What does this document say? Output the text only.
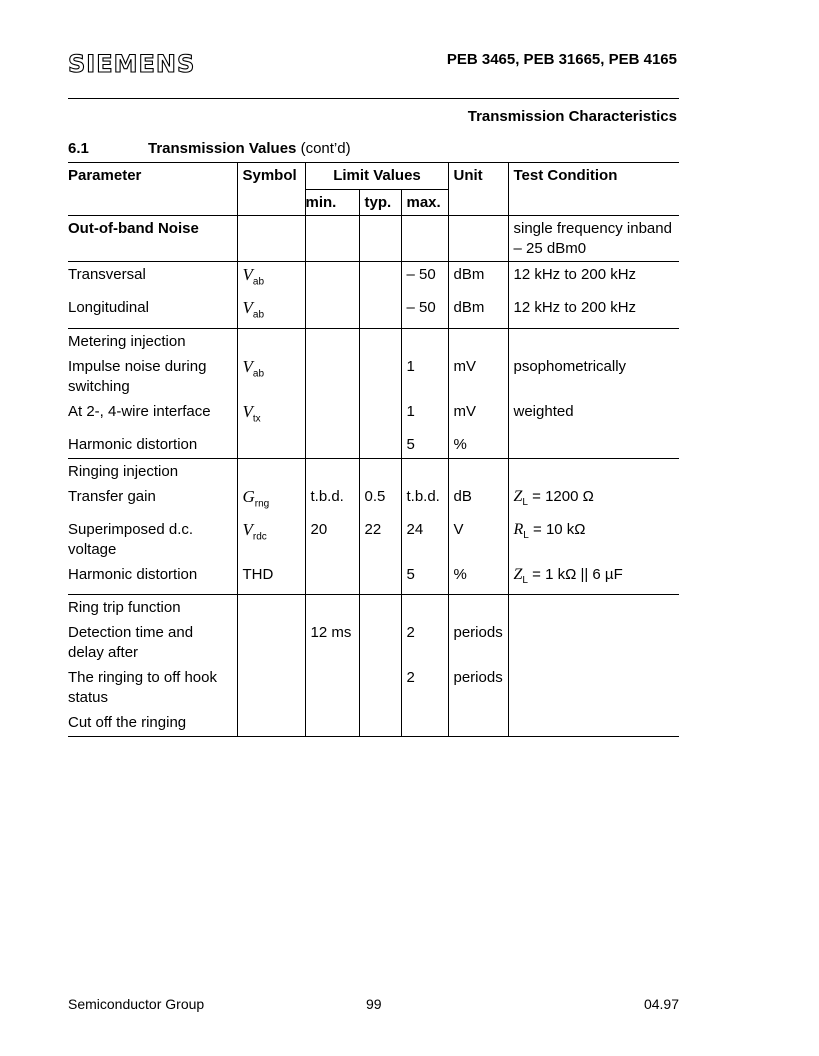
SIEMENS	PEB 3465, PEB 31665, PEB 4165
Transmission Characteristics
6.1	Transmission Values (cont’d)
Parameter	Symbol	Limit Values			Unit	Test Condition
		min.	typ.	max.		
Out-of-band Noise						single frequency inband – 25 dBm0
Transversal	$V_{ab}$			– 50	dBm	12 kHz to 200 kHz
Longitudinal	$V_{ab}$			– 50	dBm	12 kHz to 200 kHz
Metering injection						
Impulse noise during switching	$V_{ab}$			1	mV	psophometrically
At 2-, 4-wire interface	$V_{tx}$			1	mV	weighted
Harmonic distortion				5	%	
Ringing injection						
Transfer gain	$G_{rng}$	t.b.d.	0.5	t.b.d.	dB	$Z_L = 1200$ Ω
Superimposed d.c. voltage	$V_{rdc}$	20	22	24	V	$R_L = 10$ kΩ
Harmonic distortion	THD			5	%	$Z_L = 1$ kΩ || 6 µF
Ring trip function						
Detection time and delay after		12 ms		2	periods	
The ringing to off hook status				2	periods	
Cut off the ringing						
Semiconductor Group	99	04.97
